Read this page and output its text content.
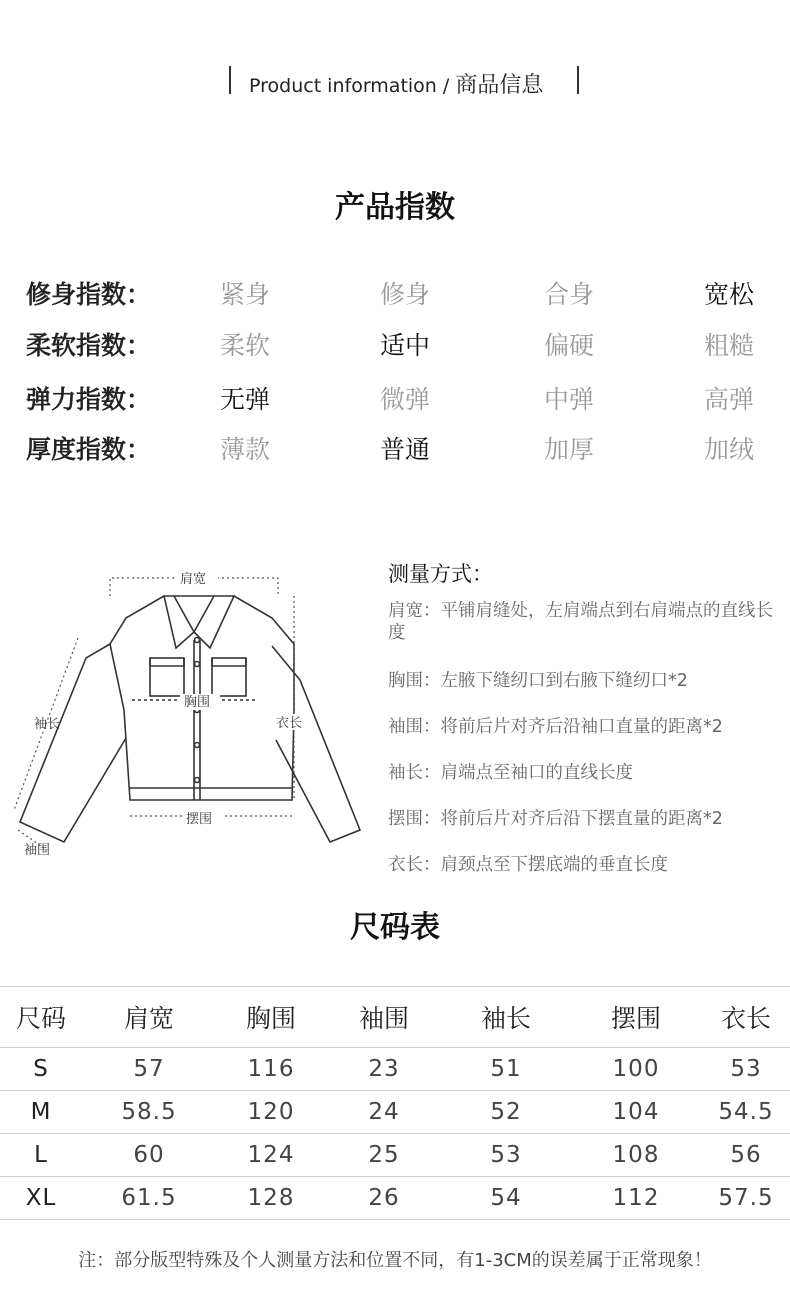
Product information / 商品信息
产品指数
修身指数：	紧身	修身	合身	宽松
柔软指数：	柔软	适中	偏硬	粗糙
弹力指数：	无弹	微弹	中弹	高弹
厚度指数：	薄款	普通	加厚	加绒
肩宽
胸围
袖长	衣长
摆围
袖围
测量方式：
肩宽：平铺肩缝处，左肩端点到右肩端点的直线长度
胸围：左腋下缝纫口到右腋下缝纫口*2
袖围：将前后片对齐后沿袖口直量的距离*2
袖长：肩端点至袖口的直线长度
摆围：将前后片对齐后沿下摆直量的距离*2
衣长：肩颈点至下摆底端的垂直长度
尺码表
尺码	肩宽	胸围	袖围	袖长	摆围	衣长
S	57	116	23	51	100	53
M	58.5	120	24	52	104	54.5
L	60	124	25	53	108	56
XL	61.5	128	26	54	112	57.5
注：部分版型特殊及个人测量方法和位置不同，有1-3CM的误差属于正常现象！
